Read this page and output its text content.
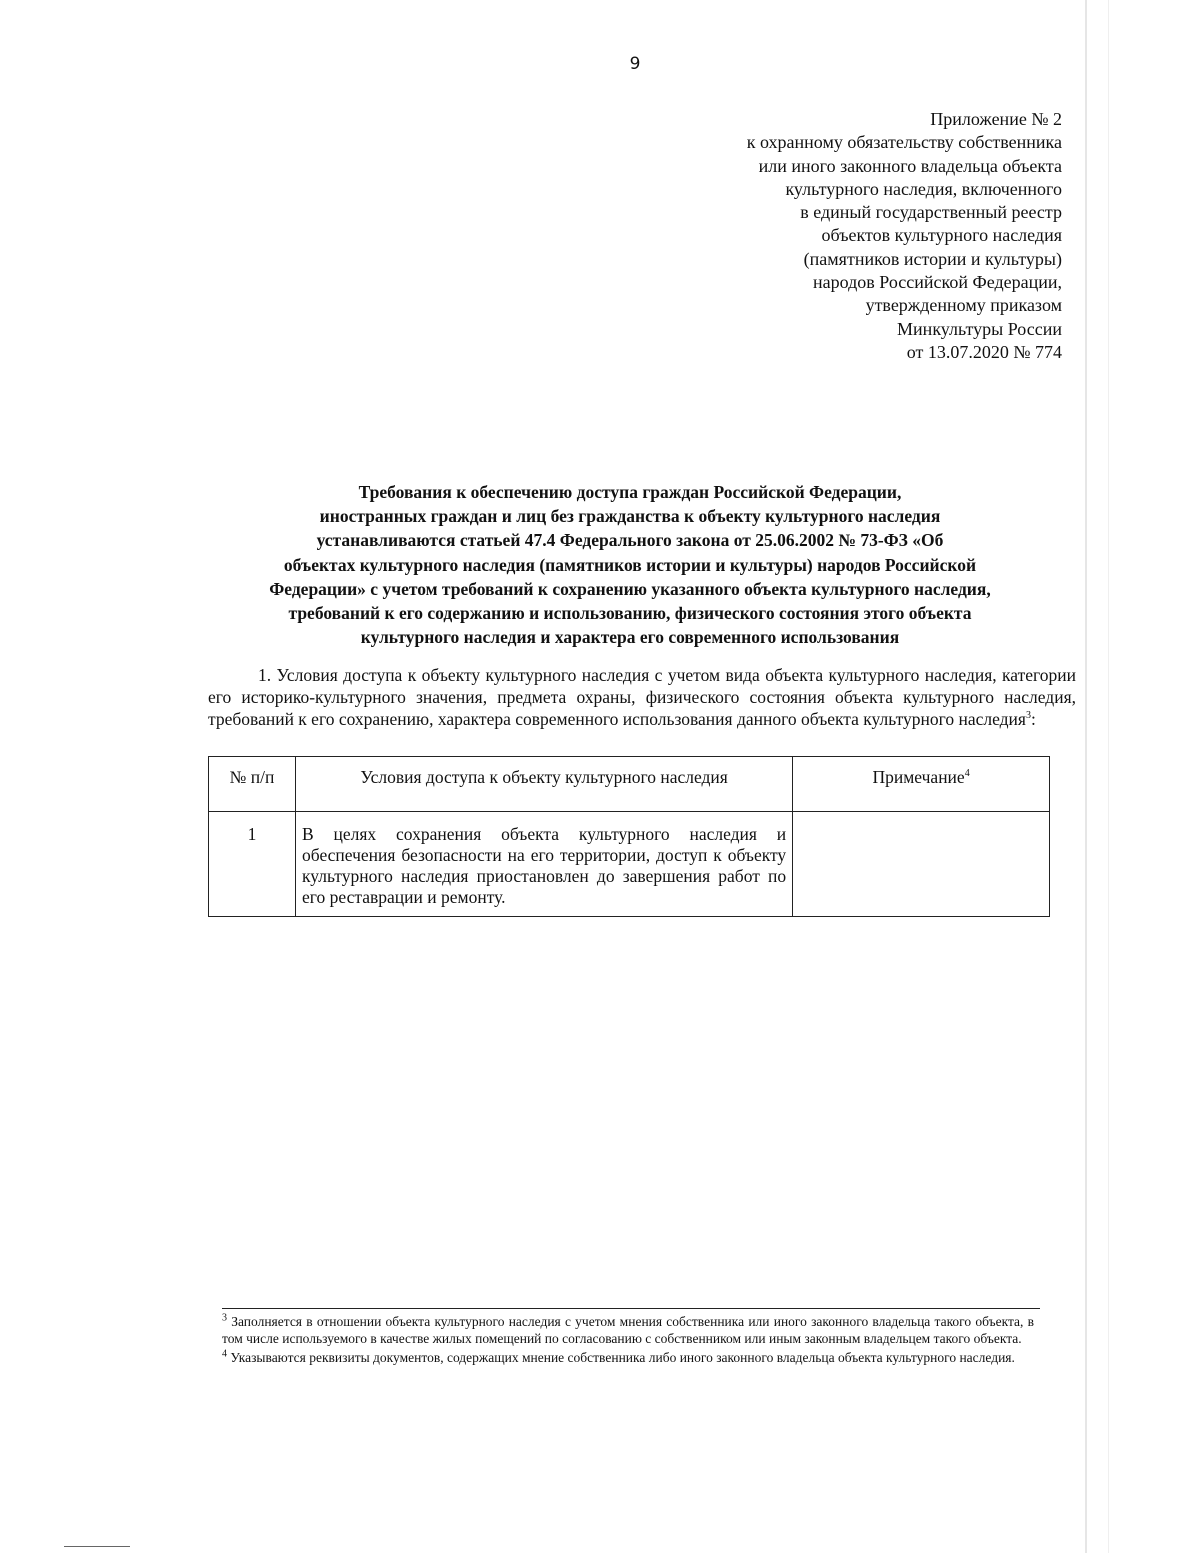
9
Приложение № 2
к охранному обязательству собственника
или иного законного владельца объекта
культурного наследия, включенного
в единый государственный реестр
объектов культурного наследия
(памятников истории и культуры)
народов Российской Федерации,
утвержденному приказом
Минкультуры России
от 13.07.2020 № 774
Требования к обеспечению доступа граждан Российской Федерации,
иностранных граждан и лиц без гражданства к объекту культурного наследия
устанавливаются статьей 47.4 Федерального закона от 25.06.2002 № 73-ФЗ «Об
объектах культурного наследия (памятников истории и культуры) народов Российской
Федерации» с учетом требований к сохранению указанного объекта культурного наследия,
требований к его содержанию и использованию, физического состояния этого объекта
культурного наследия и характера его современного использования

1. Условия доступа к объекту культурного наследия с учетом вида объекта культурного наследия, категории его историко-культурного значения, предмета охраны, физического состояния объекта культурного наследия, требований к его сохранению, характера современного использования данного объекта культурного наследия$^3$:

№ п/п	Условия доступа к объекту культурного наследия	Примечание$^4$
1	В целях сохранения объекта культурного наследия и обеспечения безопасности на его территории, доступ к объекту культурного наследия приостановлен до завершения работ по его реставрации и ремонту.	

$^3$ Заполняется в отношении объекта культурного наследия с учетом мнения собственника или иного законного владельца такого объекта, в том числе используемого в качестве жилых помещений по согласованию с собственником или иным законным владельцем такого объекта.

$^4$ Указываются реквизиты документов, содержащих мнение собственника либо иного законного владельца объекта культурного наследия.
